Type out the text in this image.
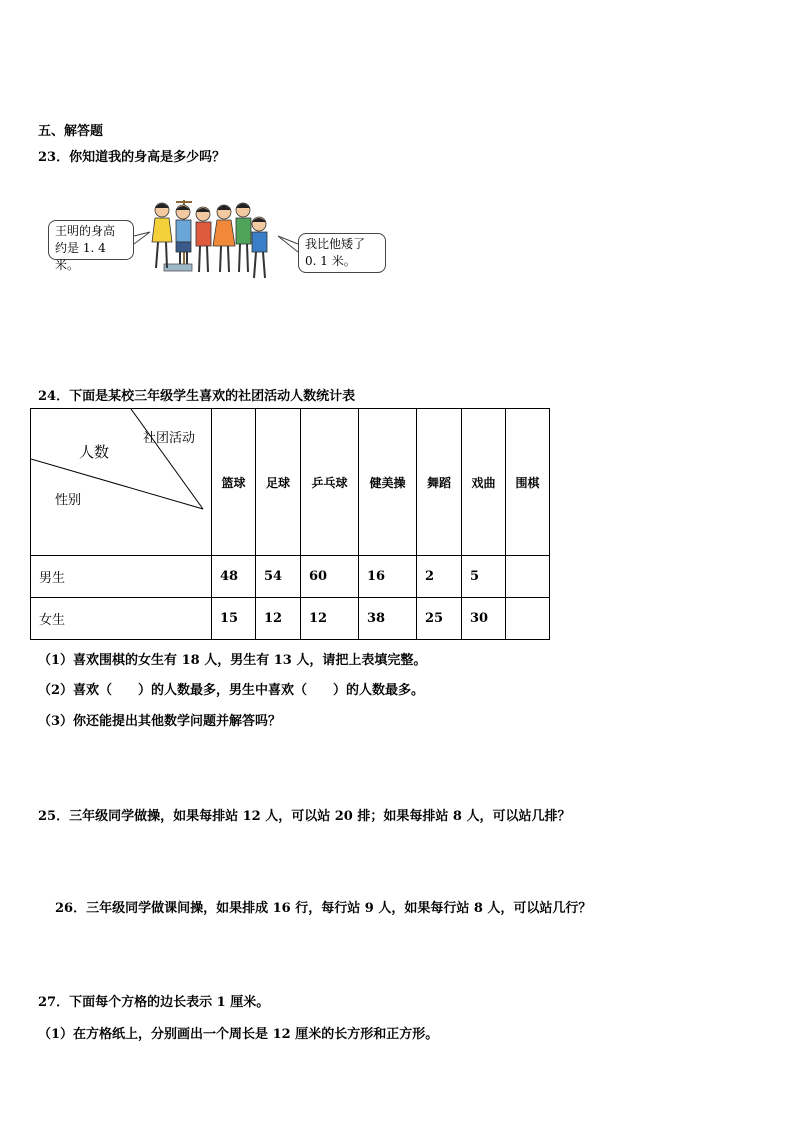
五、解答题
23．你知道我的身高是多少吗？
王明的身高
约是 1. 4 米。
我比他矮了
0. 1 米。
24．下面是某校三年级学生喜欢的社团活动人数统计表
社团活动
人数
性别	篮球	足球	乒乓球	健美操	舞蹈	戏曲	围棋
男生	48	54	60	16	2	5	
女生	15	12	12	38	25	30	
（1）喜欢围棋的女生有 18 人，男生有 13 人，请把上表填完整。
（2）喜欢（　　）的人数最多，男生中喜欢（　　）的人数最多。
（3）你还能提出其他数学问题并解答吗？
25．三年级同学做操，如果每排站 12 人，可以站 20 排；如果每排站 8 人，可以站几排？
26．三年级同学做课间操，如果排成 16 行，每行站 9 人，如果每行站 8 人，可以站几行？
27．下面每个方格的边长表示 1 厘米。
（1）在方格纸上，分别画出一个周长是 12 厘米的长方形和正方形。
